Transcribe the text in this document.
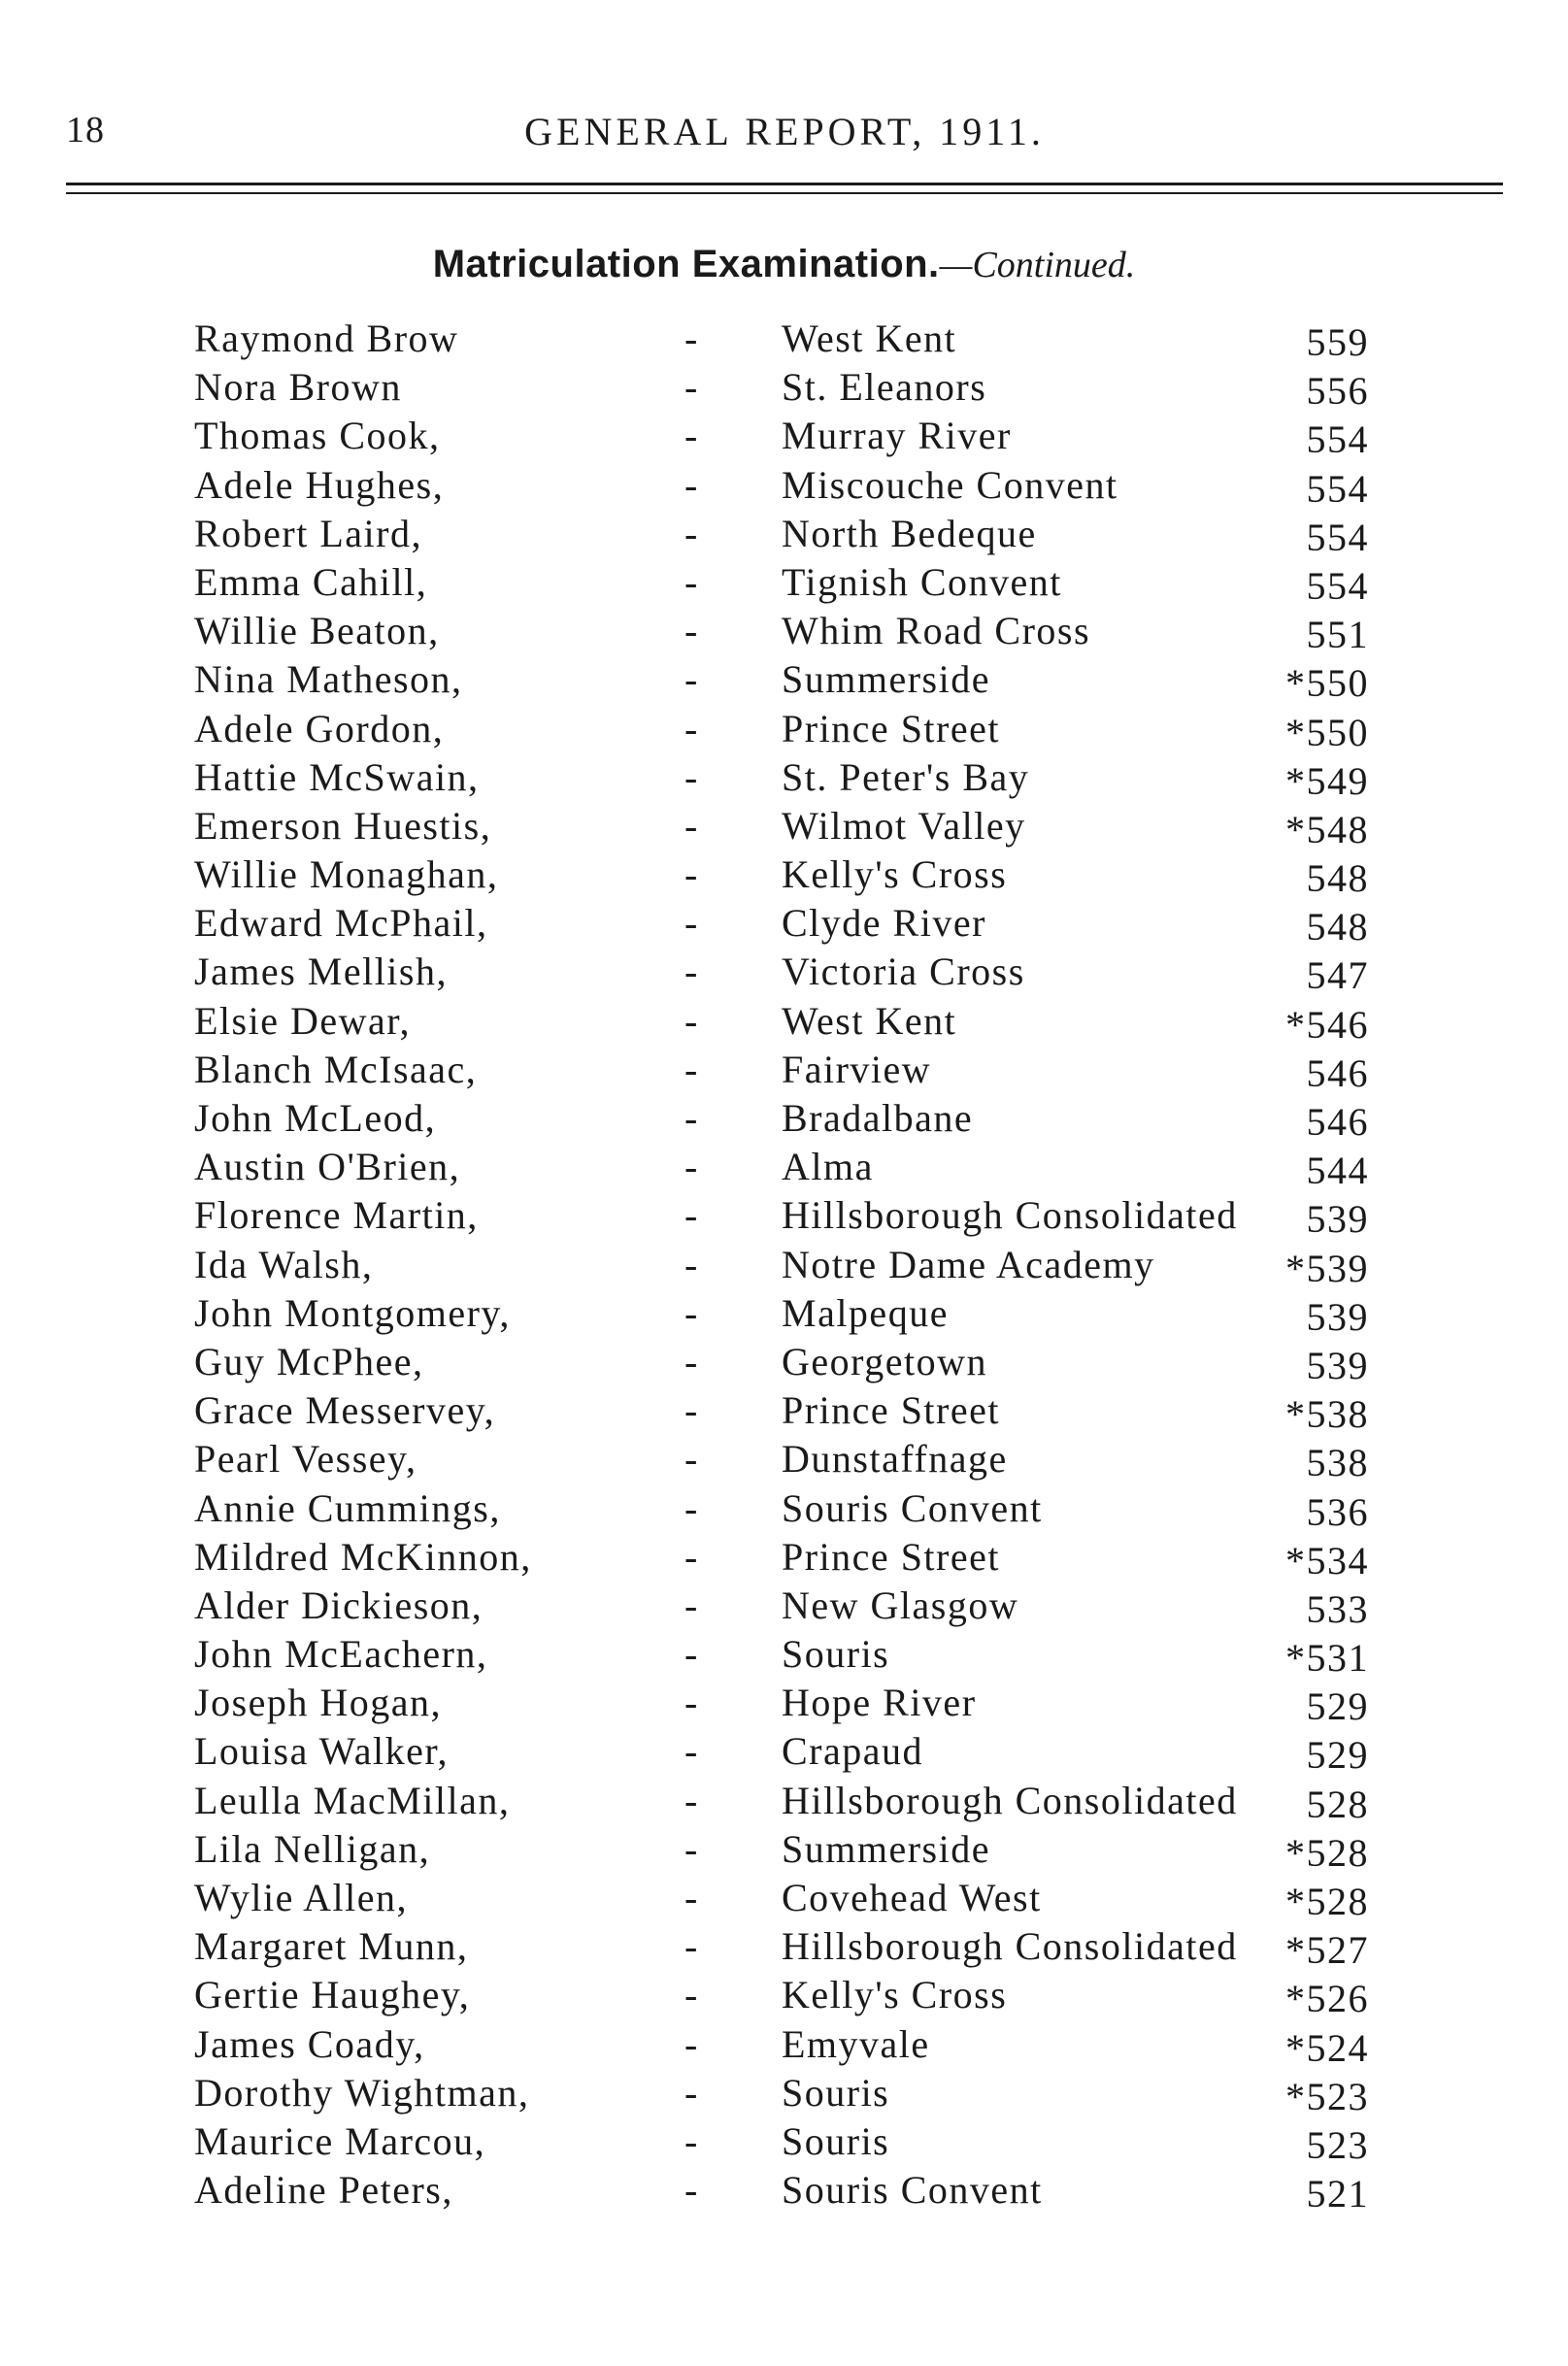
18	GENERAL REPORT, 1911.
Matriculation Examination.—Continued.
Raymond Brow	- West Kent	559
Nora Brown	- St. Eleanors	556
Thomas Cook,	- Murray River	554
Adele Hughes,	- Miscouche Convent	554
Robert Laird,	- North Bedeque	554
Emma Cahill,	- Tignish Convent	554
Willie Beaton,	- Whim Road Cross	551
Nina Matheson,	- Summerside	*550
Adele Gordon,	- Prince Street	*550
Hattie McSwain,	- St. Peter's Bay	*549
Emerson Huestis,	- Wilmot Valley	*548
Willie Monaghan,	- Kelly's Cross	548
Edward McPhail,	- Clyde River	548
James Mellish,	- Victoria Cross	547
Elsie Dewar,	- West Kent	*546
Blanch McIsaac,	- Fairview	546
John McLeod,	- Bradalbane	546
Austin O'Brien,	- Alma	544
Florence Martin,	- Hillsborough Consolidated 539
Ida Walsh,	- Notre Dame Academy	*539
John Montgomery,	- Malpeque	539
Guy McPhee,	- Georgetown	539
Grace Messervey,	- Prince Street	*538
Pearl Vessey,	- Dunstaffnage	538
Annie Cummings,	- Souris Convent	536
Mildred McKinnon,	- Prince Street	*534
Alder Dickieson,	- New Glasgow	533
John McEachern,	- Souris	*531
Joseph Hogan,	- Hope River	529
Louisa Walker,	- Crapaud	529
Leulla MacMillan,	- Hillsborough Consolidated 528
Lila Nelligan,	- Summerside	*528
Wylie Allen,	- Covehead West	*528
Margaret Munn,	- Hillsborough Consolidated *527
Gertie Haughey,	- Kelly's Cross	*526
James Coady,	- Emyvale	*524
Dorothy Wightman,	- Souris	*523
Maurice Marcou,	- Souris	523
Adeline Peters,	- Souris Convent	521
